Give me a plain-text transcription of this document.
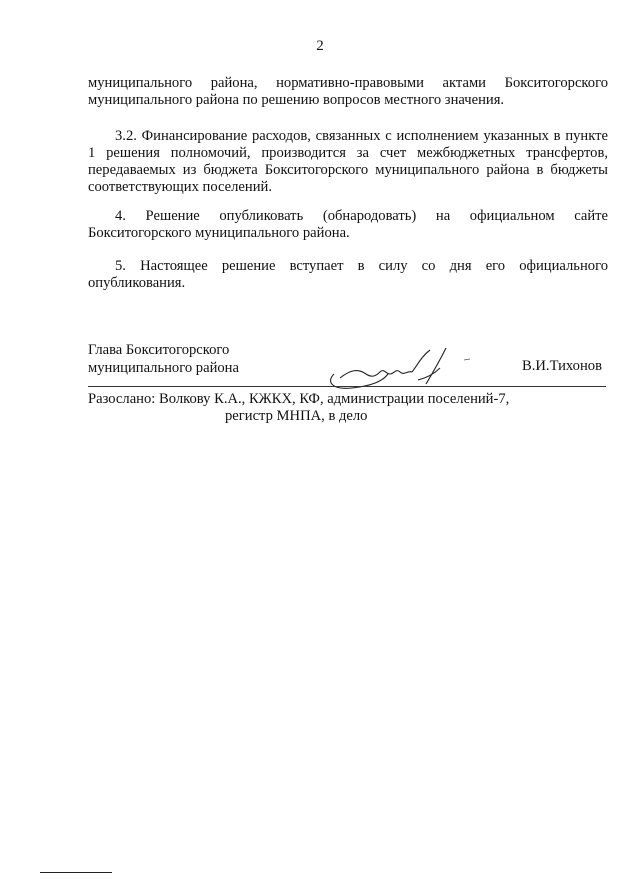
2
муниципального района, нормативно-правовыми актами Бокситогорского муниципального района по решению вопросов местного значения.
3.2. Финансирование расходов, связанных с исполнением указанных в пункте 1 решения полномочий, производится за счет межбюджетных трансфертов, передаваемых из бюджета Бокситогорского муниципального района в бюджеты соответствующих поселений.
4. Решение опубликовать (обнародовать) на официальном сайте Бокситогорского муниципального района.
5. Настоящее решение вступает в силу со дня его официального опубликования.
Глава Бокситогорского
муниципального района	В.И.Тихонов
Разослано: Волкову К.А., КЖКХ, КФ, администрации поселений-7,
регистр МНПА, в дело
